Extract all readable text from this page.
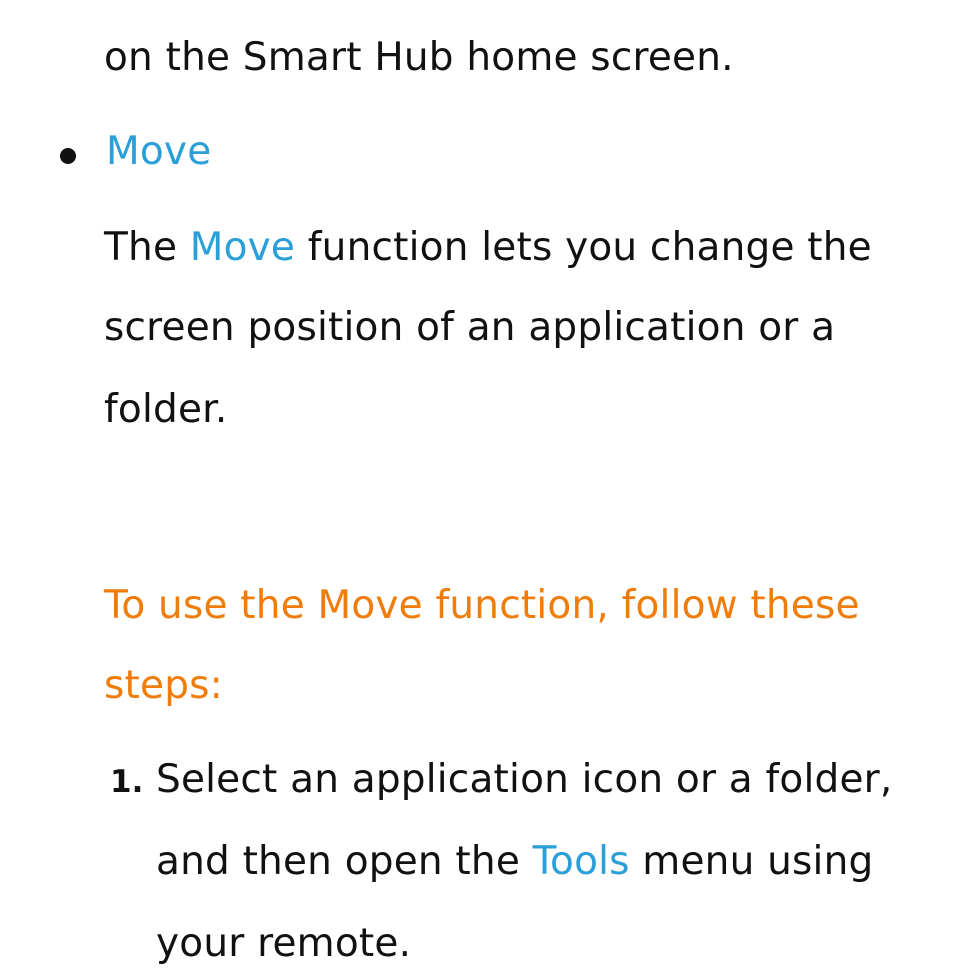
on the Smart Hub home screen.
Move
The Move function lets you change the
screen position of an application or a
folder.
To use the Move function, follow these
steps:
1. Select an application icon or a folder,
and then open the Tools menu using
your remote.
